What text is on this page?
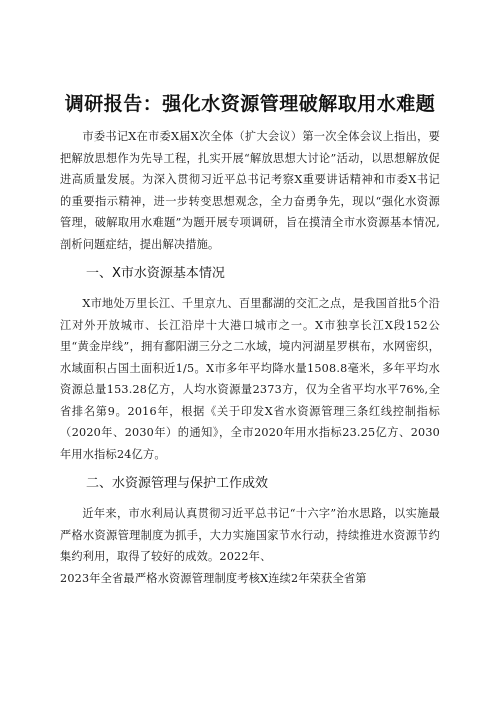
调研报告：强化水资源管理破解取用水难题

市委书记X在市委X届X次全体（扩大会议）第一次全体会议上指出，要把解放思想作为先导工程，扎实开展“解放思想大讨论”活动，以思想解放促进高质量发展。为深入贯彻习近平总书记考察X重要讲话精神和市委X书记的重要指示精神，进一步转变思想观念，全力奋勇争先，现以“强化水资源管理，破解取用水难题”为题开展专项调研，旨在摸清全市水资源基本情况,剖析问题症结，提出解决措施。

一、X市水资源基本情况

X市地处万里长江、千里京九、百里鄱湖的交汇之点，是我国首批5个沿江对外开放城市、长江沿岸十大港口城市之一。X市独享长江X段152公里“黄金岸线”，拥有鄱阳湖三分之二水域，境内河湖星罗棋布，水网密织，水域面积占国土面积近1/5。X市多年平均降水量1508.8毫米，多年平均水资源总量153.28亿方，人均水资源量2373方，仅为全省平均水平76%,全省排名第9。2016年，根据《关于印发X省水资源管理三条红线控制指标（2020年、2030年）的通知》，全市2020年用水指标23.25亿方、2030年用水指标24亿方。

二、水资源管理与保护工作成效

近年来，市水利局认真贯彻习近平总书记“十六字”治水思路，以实施最严格水资源管理制度为抓手，大力实施国家节水行动，持续推进水资源节约集约利用，取得了较好的成效。2022年、

2023年全省最严格水资源管理制度考核X连续2年荣获全省第
